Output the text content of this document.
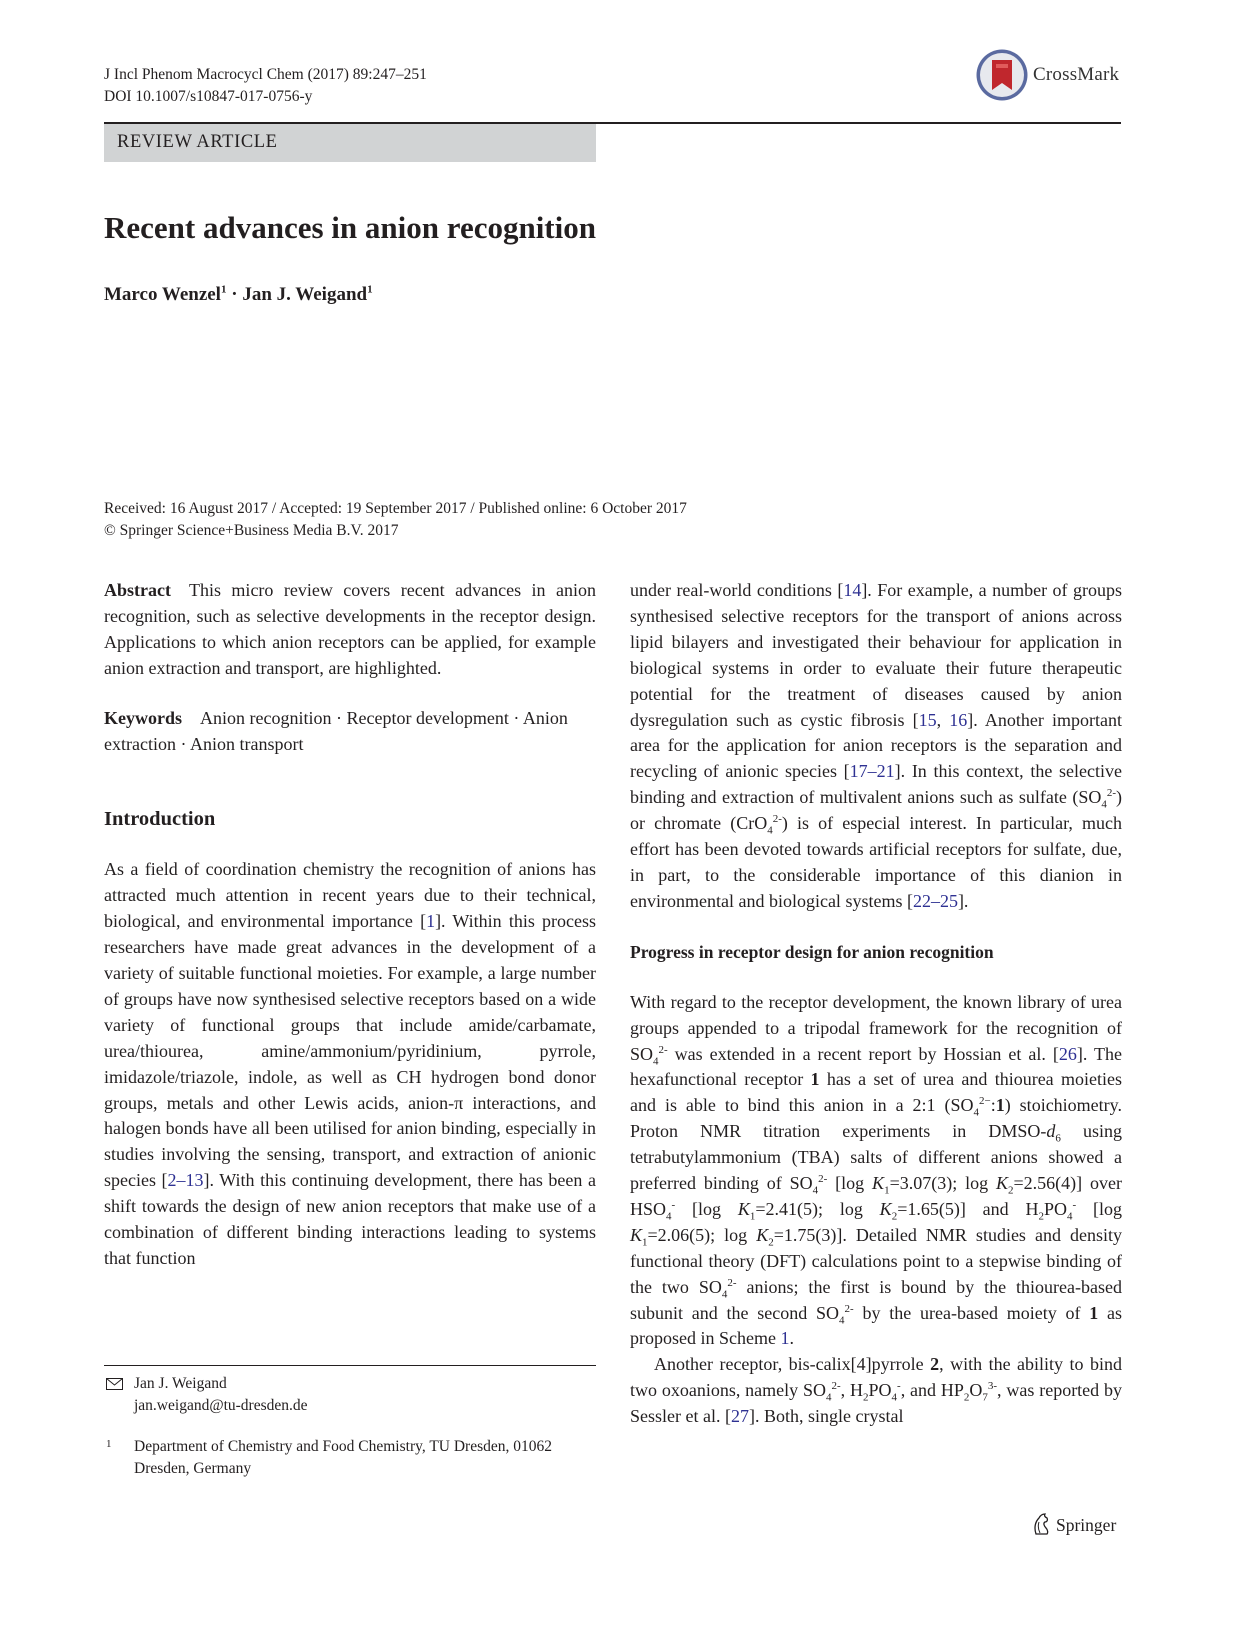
J Incl Phenom Macrocycl Chem (2017) 89:247–251
DOI 10.1007/s10847-017-0756-y
CrossMark
REVIEW ARTICLE
Recent advances in anion recognition
Marco Wenzel$^1$ · Jan J. Weigand$^1$
Received: 16 August 2017 / Accepted: 19 September 2017 / Published online: 6 October 2017
© Springer Science+Business Media B.V. 2017

Abstract This micro review covers recent advances in anion recognition, such as selective developments in the receptor design. Applications to which anion receptors can be applied, for example anion extraction and transport, are highlighted.

Keywords Anion recognition · Receptor development · Anion extraction · Anion transport

Introduction

As a field of coordination chemistry the recognition of anions has attracted much attention in recent years due to their technical, biological, and environmental importance [1]. Within this process researchers have made great advances in the development of a variety of suitable functional moieties. For example, a large number of groups have now synthesised selective receptors based on a wide variety of functional groups that include amide/carbamate, urea/thiourea, amine/ammonium/pyridinium, pyrrole, imidazole/triazole, indole, as well as CH hydrogen bond donor groups, metals and other Lewis acids, anion-π interactions, and halogen bonds have all been utilised for anion binding, especially in studies involving the sensing, transport, and extraction of anionic species [2–13]. With this continuing development, there has been a shift towards the design of new anion receptors that make use of a combination of different binding interactions leading to systems that function

under real-world conditions [14]. For example, a number of groups synthesised selective receptors for the transport of anions across lipid bilayers and investigated their behaviour for application in biological systems in order to evaluate their future therapeutic potential for the treatment of diseases caused by anion dysregulation such as cystic fibrosis [15, 16]. Another important area for the application for anion receptors is the separation and recycling of anionic species [17–21]. In this context, the selective binding and extraction of multivalent anions such as sulfate $(SO_4^{2-})$ or chromate (CrO$_4^{2-}$) is of especial interest. In particular, much effort has been devoted towards artificial receptors for sulfate, due, in part, to the considerable importance of this dianion in environmental and biological systems [22–25].

Progress in receptor design for anion recognition

With regard to the receptor development, the known library of urea groups appended to a tripodal framework for the recognition of $SO_4^{2-}$ was extended in a recent report by Hossian et al. [26]. The hexafunctional receptor 1 has a set of urea and thiourea moieties and is able to bind this anion in a 2:1 $(SO_4^{2-}:1)$ stoichiometry. Proton NMR titration experiments in DMSO-$d_6$ using tetrabutylammonium (TBA) salts of different anions showed a preferred binding of $SO_4^{2-}$ [log $K_1=3.07(3)$; $\log K_2=2.56(4)$] over $HSO_4^-$ [log $K_1=2.41(5)$; $\log K_2=1.65(5)$] and $H_2PO_4^-$ [log $K_1=2.06(5)$; $\log K_2=1.75(3)$]. Detailed NMR studies and density functional theory (DFT) calculations point to a stepwise binding of the two $SO_4^{2-}$ anions; the first is bound by the thiourea-based subunit and the second $SO_4^{2-}$ by the urea-based moiety of 1 as proposed in Scheme 1.

Another receptor, bis-calix[4]pyrrole 2, with the ability to bind two oxoanions, namely $SO_4^{2-}$, $H_2PO_4^-$, and $HP_2O_7^{3-}$, was reported by Sessler et al. [27]. Both, single crystal

Jan J. Weigand
jan.weigand@tu-dresden.de
1 Department of Chemistry and Food Chemistry, TU Dresden, 01062 Dresden, Germany
Springer
